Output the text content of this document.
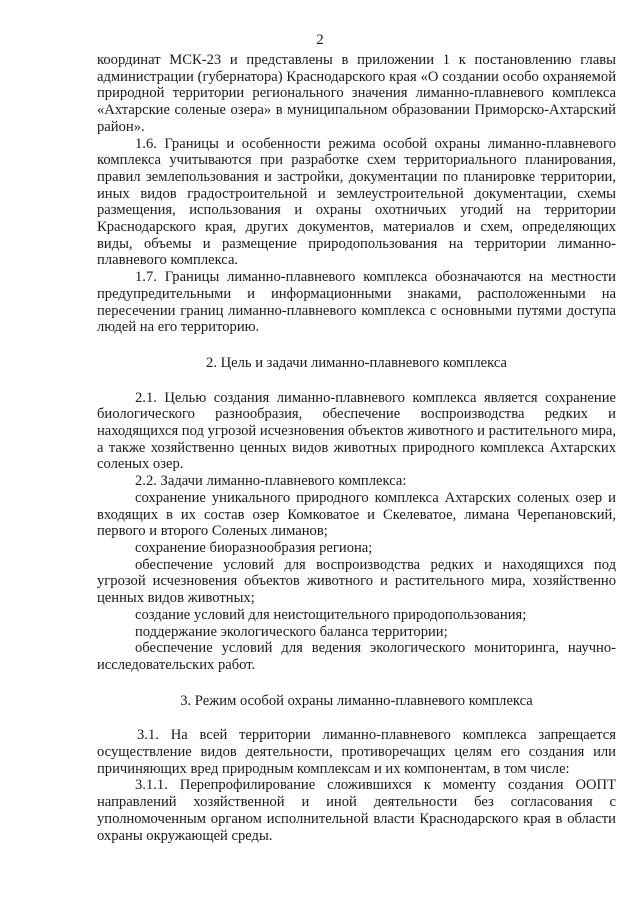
2

координат МСК-23 и представлены в приложении 1 к постановлению главы администрации (губернатора) Краснодарского края «О создании особо охраняемой природной территории регионального значения лиманно-плавневого комплекса «Ахтарские соленые озера» в муниципальном образовании Приморско-Ахтарский район».

1.6. Границы и особенности режима особой охраны лиманно-плавневого комплекса учитываются при разработке схем территориального планирования, правил землепользования и застройки, документации по планировке территории, иных видов градостроительной и землеустроительной документации, схемы размещения, использования и охраны охотничьих угодий на территории Краснодарского края, других документов, материалов и схем, определяющих виды, объемы и размещение природопользования на территории лиманно-плавневого комплекса.

1.7. Границы лиманно-плавневого комплекса обозначаются на местности предупредительными и информационными знаками, расположенными на пересечении границ лиманно-плавневого комплекса с основными путями доступа людей на его территорию.

2. Цель и задачи лиманно-плавневого комплекса

2.1. Целью создания лиманно-плавневого комплекса является сохранение биологического разнообразия, обеспечение воспроизводства редких и находящихся под угрозой исчезновения объектов животного и растительного мира, а также хозяйственно ценных видов животных природного комплекса Ахтарских соленых озер.

2.2. Задачи лиманно-плавневого комплекса:

сохранение уникального природного комплекса Ахтарских соленых озер и входящих в их состав озер Комковатое и Скелеватое, лимана Черепановский, первого и второго Соленых лиманов;

сохранение биоразнообразия региона;

обеспечение условий для воспроизводства редких и находящихся под угрозой исчезновения объектов животного и растительного мира, хозяйственно ценных видов животных;

создание условий для неистощительного природопользования;

поддержание экологического баланса территории;

обеспечение условий для ведения экологического мониторинга, научно-исследовательских работ.

3. Режим особой охраны лиманно-плавневого комплекса

3.1. На всей территории лиманно-плавневого комплекса запрещается осуществление видов деятельности, противоречащих целям его создания или причиняющих вред природным комплексам и их компонентам, в том числе:

3.1.1. Перепрофилирование сложившихся к моменту создания ООПТ направлений хозяйственной и иной деятельности без согласования с уполномоченным органом исполнительной власти Краснодарского края в области охраны окружающей среды.
